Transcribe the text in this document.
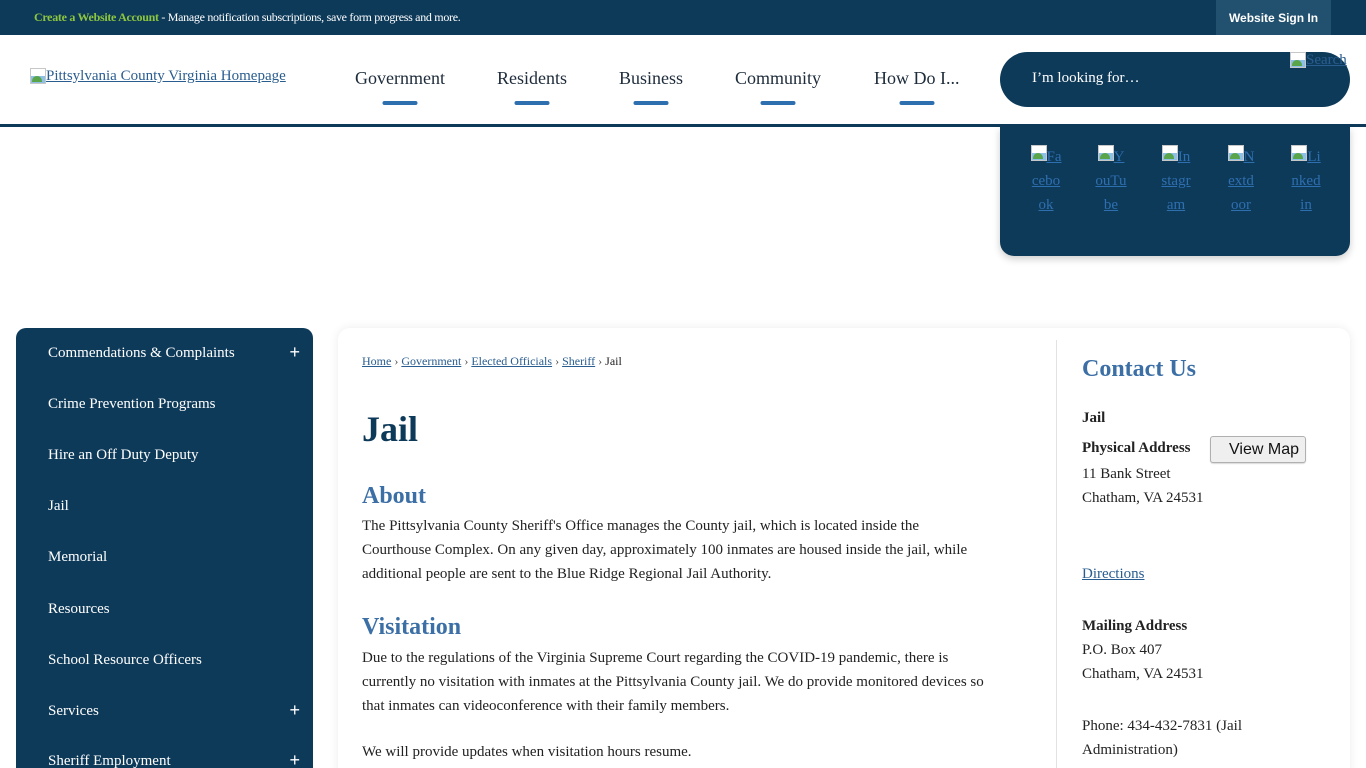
Create a Website Account - Manage notification subscriptions, save form progress and more.	Website Sign In
Pittsylvania County Virginia Homepage	Government	Residents	Business	Community	How Do I...	I’m looking for…
Search
Facebook
YouTube
Instagram
Nextdoor
Linkedin
Commendations & Complaints	+
Crime Prevention Programs
Hire an Off Duty Deputy
Jail
Memorial
Resources
School Resource Officers
Services	+
Sheriff Employment	+
Home › Government › Elected Officials › Sheriff › Jail
Jail
About
The Pittsylvania County Sheriff's Office manages the County jail, which is located inside the
Courthouse Complex. On any given day, approximately 100 inmates are housed inside the jail, while
additional people are sent to the Blue Ridge Regional Jail Authority.
Visitation
Due to the regulations of the Virginia Supreme Court regarding the COVID-19 pandemic, there is
currently no visitation with inmates at the Pittsylvania County jail. We do provide monitored devices so
that inmates can videoconference with their family members.
We will provide updates when visitation hours resume.
Contact Us
Jail
Physical Address	View Map
11 Bank Street
Chatham, VA 24531
Directions
Mailing Address
P.O. Box 407
Chatham, VA 24531
Phone: 434-432-7831 (Jail
Administration)
